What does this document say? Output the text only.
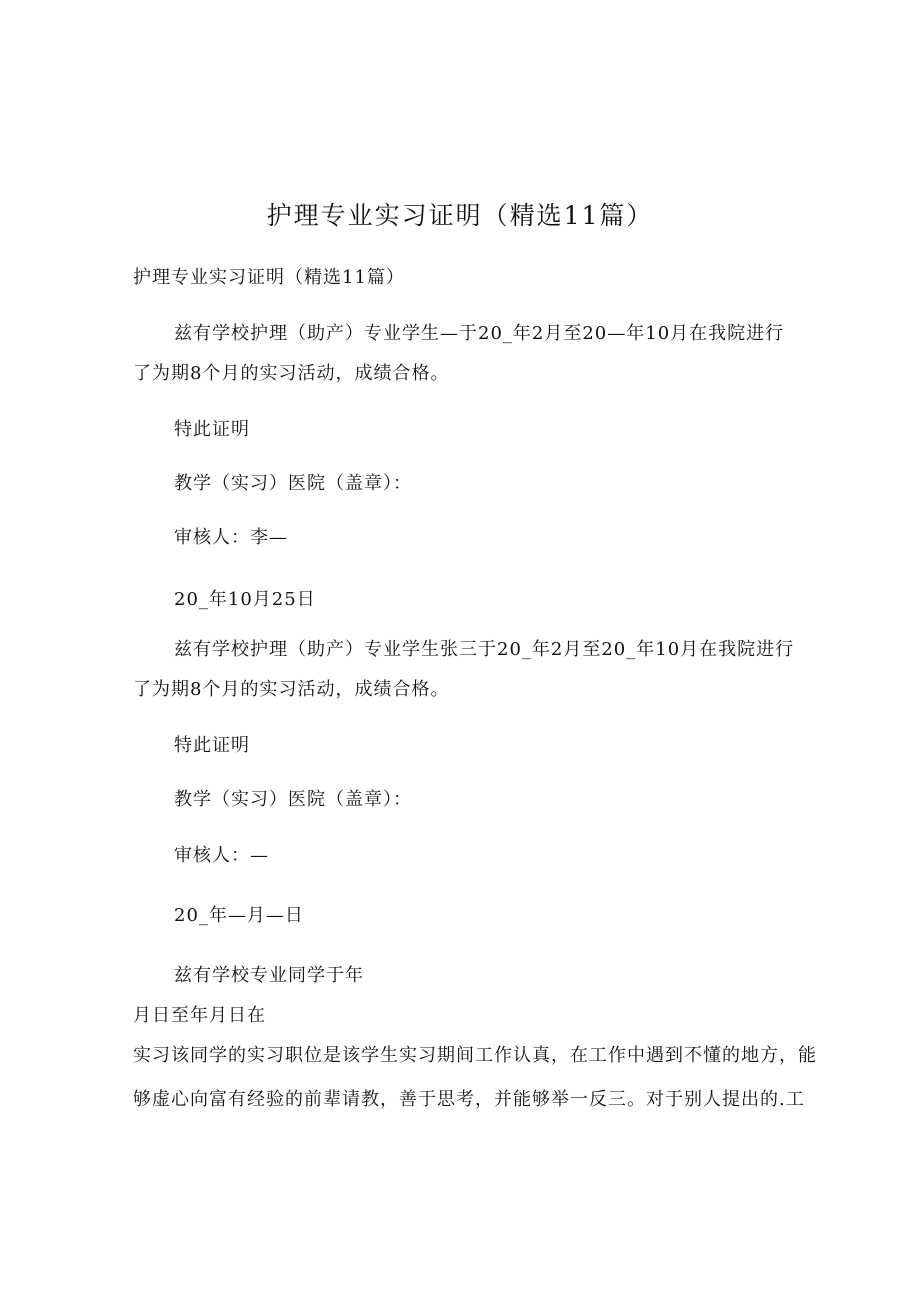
护理专业实习证明（精选11篇）
护理专业实习证明（精选11篇）
兹有学校护理（助产）专业学生—于20_年2月至20—年10月在我院进行
了为期8个月的实习活动，成绩合格。
特此证明
教学（实习）医院（盖章）：
审核人：李—
20_年10月25日
兹有学校护理（助产）专业学生张三于20_年2月至20_年10月在我院进行
了为期8个月的实习活动，成绩合格。
特此证明
教学（实习）医院（盖章）：
审核人：—
20_年—月—日
兹有学校专业同学于年
月日至年月日在
实习该同学的实习职位是该学生实习期间工作认真，在工作中遇到不懂的地方，能
够虚心向富有经验的前辈请教，善于思考，并能够举一反三。对于别人提出的.工
